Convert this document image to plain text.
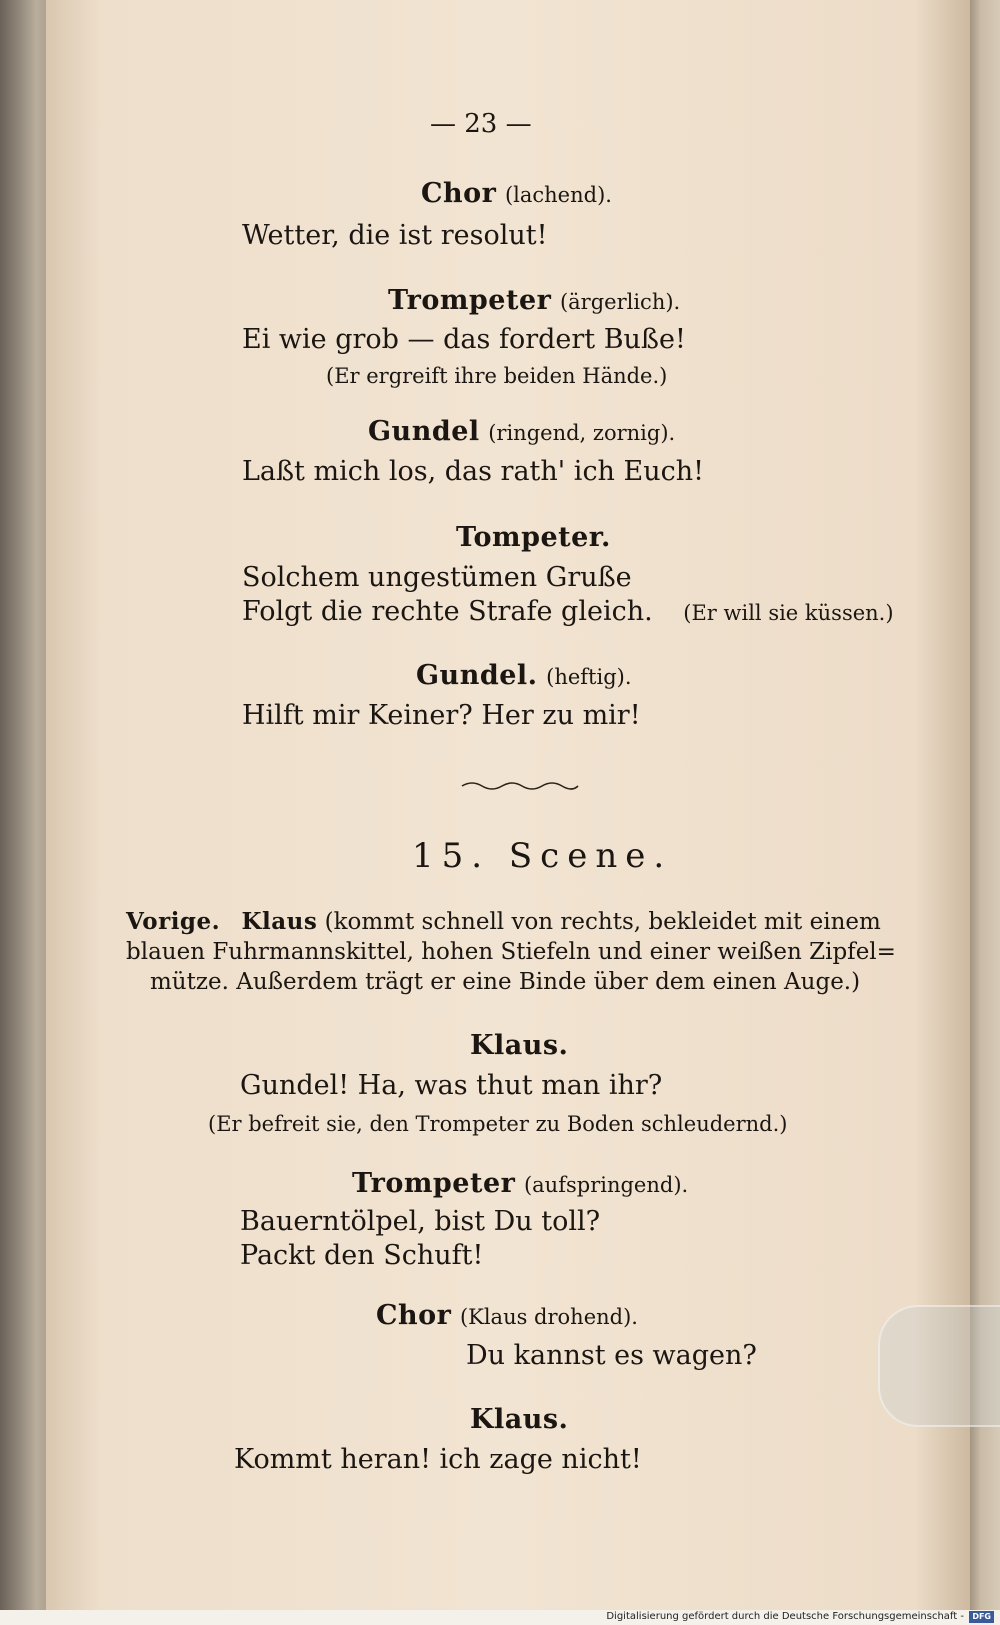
— 23 —
Chor (lachend).
Wetter, die ist resolut!
Trompeter (ärgerlich).
Ei wie grob — das fordert Buße!
(Er ergreift ihre beiden Hände.)
Gundel (ringend, zornig).
Laßt mich los, das rath' ich Euch!
Tompeter.
Solchem ungestümen Gruße
Folgt die rechte Strafe gleich. (Er will sie küssen.)
Gundel. (heftig).
Hilft mir Keiner? Her zu mir!
15. Scene.
Vorige. Klaus (kommt schnell von rechts, bekleidet mit einem
blauen Fuhrmannskittel, hohen Stiefeln und einer weißen Zipfel=
mütze. Außerdem trägt er eine Binde über dem einen Auge.)
Klaus.
Gundel! Ha, was thut man ihr?
(Er befreit sie, den Trompeter zu Boden schleudernd.)
Trompeter (aufspringend).
Bauerntölpel, bist Du toll?
Packt den Schuft!
Chor (Klaus drohend).
Du kannst es wagen?
Klaus.
Kommt heran! ich zage nicht!
Digitalisierung gefördert durch die Deutsche Forschungsgemeinschaft -	DFG
